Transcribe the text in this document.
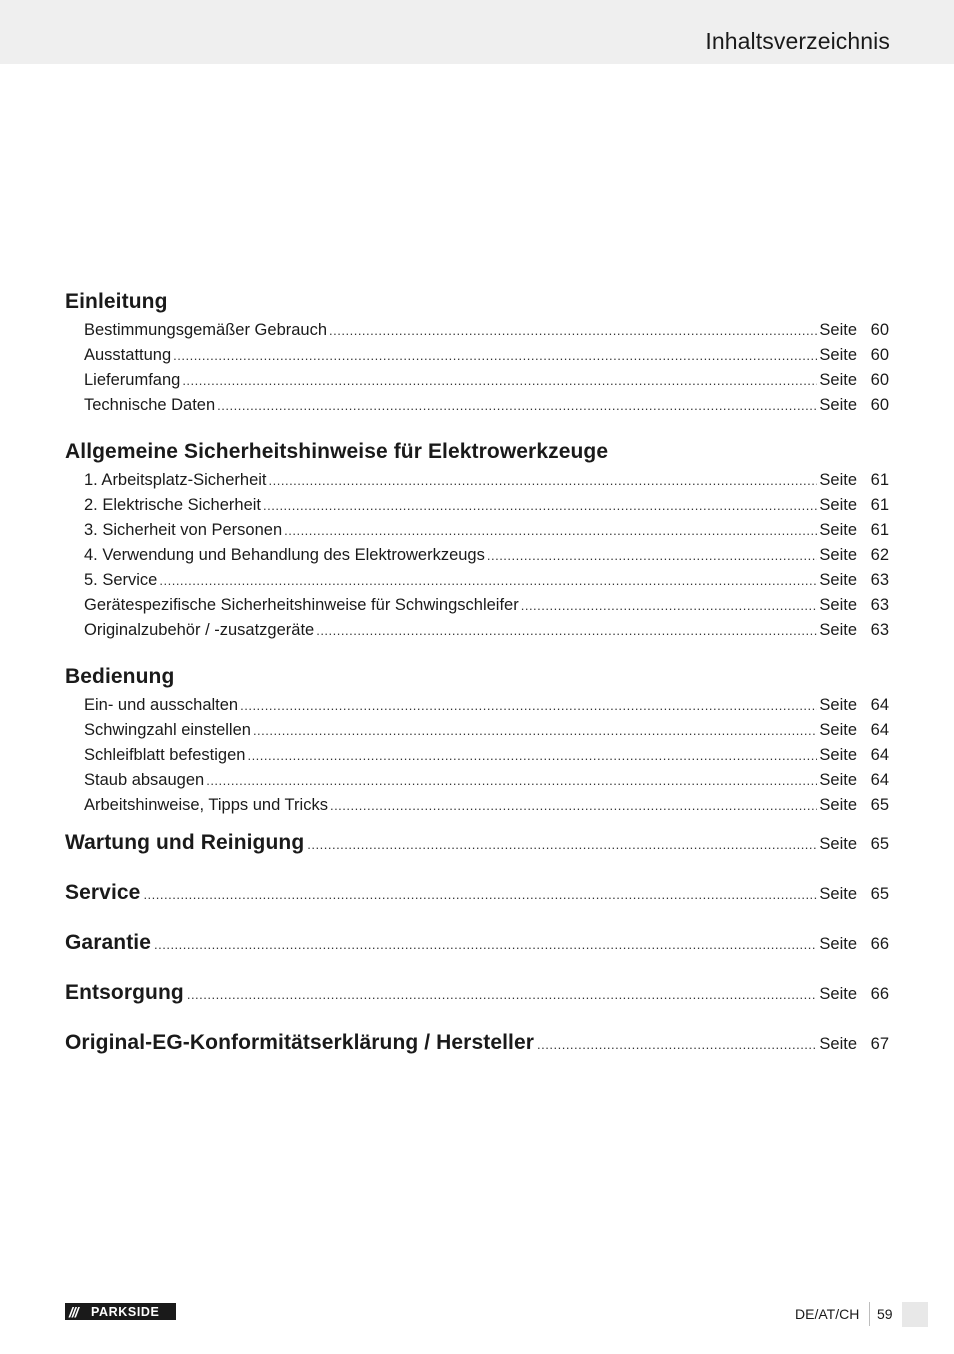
Inhaltsverzeichnis
Einleitung
Bestimmungsgemäßer Gebrauch .....	Seite 60
Ausstattung .....	Seite 60
Lieferumfang .....	Seite 60
Technische Daten .....	Seite 60
Allgemeine Sicherheitshinweise für Elektrowerkzeuge
1. Arbeitsplatz-Sicherheit .....	Seite 61
2. Elektrische Sicherheit .....	Seite 61
3. Sicherheit von Personen .....	Seite 61
4. Verwendung und Behandlung des Elektrowerkzeugs .....	Seite 62
5. Service .....	Seite 63
Gerätespezifische Sicherheitshinweise für Schwingschleifer .....	Seite 63
Originalzubehör / -zusatzgeräte .....	Seite 63
Bedienung
Ein- und ausschalten .....	Seite 64
Schwingzahl einstellen .....	Seite 64
Schleifblatt befestigen .....	Seite 64
Staub absaugen .....	Seite 64
Arbeitshinweise, Tipps und Tricks .....	Seite 65
Wartung und Reinigung .....	Seite 65
Service .....	Seite 65
Garantie .....	Seite 66
Entsorgung .....	Seite 66
Original-EG-Konformitätserklärung / Hersteller .....	Seite 67
///	PARKSIDE	DE/AT/CH 59
